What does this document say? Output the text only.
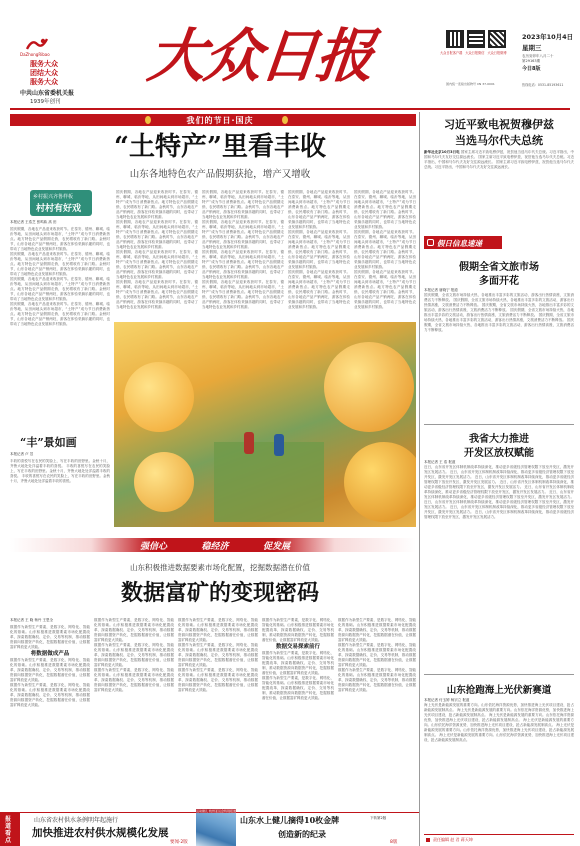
DaZhongRibao
服务大众
团结大众
服务大众
中共山东省委机关报
1939年创刊
大众日报	大众日报客户端 大众日报微信 大众日报微博
2023年10月4日
星期三
农历癸卯年八月二十
第29163期
今日8版
国内统一连续出版物号 CN 37-0001	热线电话：0531-85193611
我们的节日·国庆
“土特产”里看丰收
山东各地特色农产品假期获抢，增产又增收
乡村振兴齐鲁样板
村村有好戏
本报记者 王浩芝 张鸣纨 高 田
国庆假期，各地农产品迎来收获时节。在泰安、德州、聊城、临沂等地，从田间地头到市场超市，“土特产”成为节日消费新热点。地方特色农产品假期走俏，农民增收有了新门路。金秋时节，山东各地农产品产销两旺，游客在体验采摘乐趣的同时，也带动了当地特色农业发展和乡村旅游。
国庆假期，各地农产品迎来收获时节。在泰安、德州、聊城、临沂等地，从田间地头到市场超市，“土特产”成为节日消费新热点。地方特色农产品假期走俏，农民增收有了新门路。金秋时节，山东各地农产品产销两旺，游客在体验采摘乐趣的同时，也带动了当地特色农业发展和乡村旅游。
国庆假期，各地农产品迎来收获时节。在泰安、德州、聊城、临沂等地，从田间地头到市场超市，“土特产”成为节日消费新热点。地方特色农产品假期走俏，农民增收有了新门路。金秋时节，山东各地农产品产销两旺，游客在体验采摘乐趣的同时，也带动了当地特色农业发展和乡村旅游。
国庆假期，各地农产品迎来收获时节。在泰安、德州、聊城、临沂等地，从田间地头到市场超市，“土特产”成为节日消费新热点。地方特色农产品假期走俏，农民增收有了新门路。金秋时节，山东各地农产品产销两旺，游客在体验采摘乐趣的同时，也带动了当地特色农业发展和乡村旅游。
国庆假期，各地农产品迎来收获时节。在泰安、德州、聊城、临沂等地，从田间地头到市场超市，“土特产”成为节日消费新热点。地方特色农产品假期走俏，农民增收有了新门路。金秋时节，山东各地农产品产销两旺，游客在体验采摘乐趣的同时，也带动了当地特色农业发展和乡村旅游。
国庆假期，各地农产品迎来收获时节。在泰安、德州、聊城、临沂等地，从田间地头到市场超市，“土特产”成为节日消费新热点。地方特色农产品假期走俏，农民增收有了新门路。金秋时节，山东各地农产品产销两旺，游客在体验采摘乐趣的同时，也带动了当地特色农业发展和乡村旅游。
国庆假期，各地农产品迎来收获时节。在泰安、德州、聊城、临沂等地，从田间地头到市场超市，“土特产”成为节日消费新热点。地方特色农产品假期走俏，农民增收有了新门路。金秋时节，山东各地农产品产销两旺，游客在体验采摘乐趣的同时，也带动了当地特色农业发展和乡村旅游。
国庆假期，各地农产品迎来收获时节。在泰安、德州、聊城、临沂等地，从田间地头到市场超市，“土特产”成为节日消费新热点。地方特色农产品假期走俏，农民增收有了新门路。金秋时节，山东各地农产品产销两旺，游客在体验采摘乐趣的同时，也带动了当地特色农业发展和乡村旅游。
国庆假期，各地农产品迎来收获时节。在泰安、德州、聊城、临沂等地，从田间地头到市场超市，“土特产”成为节日消费新热点。地方特色农产品假期走俏，农民增收有了新门路。金秋时节，山东各地农产品产销两旺，游客在体验采摘乐趣的同时，也带动了当地特色农业发展和乡村旅游。
国庆假期，各地农产品迎来收获时节。在泰安、德州、聊城、临沂等地，从田间地头到市场超市，“土特产”成为节日消费新热点。地方特色农产品假期走俏，农民增收有了新门路。金秋时节，山东各地农产品产销两旺，游客在体验采摘乐趣的同时，也带动了当地特色农业发展和乡村旅游。
国庆假期，各地农产品迎来收获时节。在泰安、德州、聊城、临沂等地，从田间地头到市场超市，“土特产”成为节日消费新热点。地方特色农产品假期走俏，农民增收有了新门路。金秋时节，山东各地农产品产销两旺，游客在体验采摘乐趣的同时，也带动了当地特色农业发展和乡村旅游。
国庆假期，各地农产品迎来收获时节。在泰安、德州、聊城、临沂等地，从田间地头到市场超市，“土特产”成为节日消费新热点。地方特色农产品假期走俏，农民增收有了新门路。金秋时节，山东各地农产品产销两旺，游客在体验采摘乐趣的同时，也带动了当地特色农业发展和乡村旅游。
国庆假期，各地农产品迎来收获时节。在泰安、德州、聊城、临沂等地，从田间地头到市场超市，“土特产”成为节日消费新热点。地方特色农产品假期走俏，农民增收有了新门路。金秋时节，山东各地农产品产销两旺，游客在体验采摘乐趣的同时，也带动了当地特色农业发展和乡村旅游。
国庆假期，各地农产品迎来收获时节。在泰安、德州、聊城、临沂等地，从田间地头到市场超市，“土特产”成为节日消费新热点。地方特色农产品假期走俏，农民增收有了新门路。金秋时节，山东各地农产品产销两旺，游客在体验采摘乐趣的同时，也带动了当地特色农业发展和乡村旅游。
国庆假期，各地农产品迎来收获时节。在泰安、德州、聊城、临沂等地，从田间地头到市场超市，“土特产”成为节日消费新热点。地方特色农产品假期走俏，农民增收有了新门路。金秋时节，山东各地农产品产销两旺，游客在体验采摘乐趣的同时，也带动了当地特色农业发展和乡村旅游。
国庆假期，各地农产品迎来收获时节。在泰安、德州、聊城、临沂等地，从田间地头到市场超市，“土特产”成为节日消费新热点。地方特色农产品假期走俏，农民增收有了新门路。金秋时节，山东各地农产品产销两旺，游客在体验采摘乐趣的同时，也带动了当地特色农业发展和乡村旅游。
国庆假期，各地农产品迎来收获时节。在泰安、德州、聊城、临沂等地，从田间地头到市场超市，“土特产”成为节日消费新热点。地方特色农产品假期走俏，农民增收有了新门路。金秋时节，山东各地农产品产销两旺，游客在体验采摘乐趣的同时，也带动了当地特色农业发展和乡村旅游。
国庆假期，各地农产品迎来收获时节。在泰安、德州、聊城、临沂等地，从田间地头到市场超市，“土特产”成为节日消费新热点。地方特色农产品假期走俏，农民增收有了新门路。金秋时节，山东各地农产品产销两旺，游客在体验采摘乐趣的同时，也带动了当地特色农业发展和乡村旅游。
“丰”景如画
本报记者 卢 昱
丰收的喜悦写在农民的笑脸上，写在丰收的田野里。金秋十月，齐鲁大地处处洋溢着丰收的喜悦。 丰收的喜悦写在农民的笑脸上，写在丰收的田野里。金秋十月，齐鲁大地处处洋溢着丰收的喜悦。 丰收的喜悦写在农民的笑脸上，写在丰收的田野里。金秋十月，齐鲁大地处处洋溢着丰收的喜悦。
强信心	稳经济	促发展
山东积极推进数据要素市场化配置，挖掘数据潜在价值
数据富矿的变现密码
本报记者 王 晓 杨丹 王恩全
数据作为新型生产要素，是数字化、网络化、智能化的基础。山东积极推进数据要素市场化配置改革，探索数据确权、定价、交易等机制，推动数据资源向数据资产转化，挖掘数据潜在价值，让数据富矿释放更大效能。
将数据做成产品
数据作为新型生产要素，是数字化、网络化、智能化的基础。山东积极推进数据要素市场化配置改革，探索数据确权、定价、交易等机制，推动数据资源向数据资产转化，挖掘数据潜在价值，让数据富矿释放更大效能。
数据作为新型生产要素，是数字化、网络化、智能化的基础。山东积极推进数据要素市场化配置改革，探索数据确权、定价、交易等机制，推动数据资源向数据资产转化，挖掘数据潜在价值，让数据富矿释放更大效能。
数据作为新型生产要素，是数字化、网络化、智能化的基础。山东积极推进数据要素市场化配置改革，探索数据确权、定价、交易等机制，推动数据资源向数据资产转化，挖掘数据潜在价值，让数据富矿释放更大效能。
数据作为新型生产要素，是数字化、网络化、智能化的基础。山东积极推进数据要素市场化配置改革，探索数据确权、定价、交易等机制，推动数据资源向数据资产转化，挖掘数据潜在价值，让数据富矿释放更大效能。
数据作为新型生产要素，是数字化、网络化、智能化的基础。山东积极推进数据要素市场化配置改革，探索数据确权、定价、交易等机制，推动数据资源向数据资产转化，挖掘数据潜在价值，让数据富矿释放更大效能。
数据作为新型生产要素，是数字化、网络化、智能化的基础。山东积极推进数据要素市场化配置改革，探索数据确权、定价、交易等机制，推动数据资源向数据资产转化，挖掘数据潜在价值，让数据富矿释放更大效能。
数据作为新型生产要素，是数字化、网络化、智能化的基础。山东积极推进数据要素市场化配置改革，探索数据确权、定价、交易等机制，推动数据资源向数据资产转化，挖掘数据潜在价值，让数据富矿释放更大效能。
数据作为新型生产要素，是数字化、网络化、智能化的基础。山东积极推进数据要素市场化配置改革，探索数据确权、定价、交易等机制，推动数据资源向数据资产转化，挖掘数据潜在价值，让数据富矿释放更大效能。
数据作为新型生产要素，是数字化、网络化、智能化的基础。山东积极推进数据要素市场化配置改革，探索数据确权、定价、交易等机制，推动数据资源向数据资产转化，挖掘数据潜在价值，让数据富矿释放更大效能。
数据交易探索前行
数据作为新型生产要素，是数字化、网络化、智能化的基础。山东积极推进数据要素市场化配置改革，探索数据确权、定价、交易等机制，推动数据资源向数据资产转化，挖掘数据潜在价值，让数据富矿释放更大效能。
数据作为新型生产要素，是数字化、网络化、智能化的基础。山东积极推进数据要素市场化配置改革，探索数据确权、定价、交易等机制，推动数据资源向数据资产转化，挖掘数据潜在价值，让数据富矿释放更大效能。
数据作为新型生产要素，是数字化、网络化、智能化的基础。山东积极推进数据要素市场化配置改革，探索数据确权、定价、交易等机制，推动数据资源向数据资产转化，挖掘数据潜在价值，让数据富矿释放更大效能。
数据作为新型生产要素，是数字化、网络化、智能化的基础。山东积极推进数据要素市场化配置改革，探索数据确权、定价、交易等机制，推动数据资源向数据资产转化，挖掘数据潜在价值，让数据富矿释放更大效能。
数据作为新型生产要素，是数字化、网络化、智能化的基础。山东积极推进数据要素市场化配置改革，探索数据确权、定价、交易等机制，推动数据资源向数据资产转化，挖掘数据潜在价值，让数据富矿释放更大效能。
下转第2版
报道看点
山东省农村供水条例明年起施行
加快推进农村供水规模化发展
要闻·2版
运动健儿 杭州亚运会特别报道
山东水上健儿摘得10枚金牌
创造新的纪录
8版
习近平致电祝贺穆伊兹
当选马尔代夫总统
新华社北京10月3日电 国家主席习近平致电穆伊兹，祝贺他当选马尔代夫总统。习近平指出，中国和马尔代夫友好交往源远流长。 国家主席习近平致电穆伊兹，祝贺他当选马尔代夫总统。习近平指出，中国和马尔代夫友好交往源远流长。 国家主席习近平致电穆伊兹，祝贺他当选马尔代夫总统。习近平指出，中国和马尔代夫友好交往源远流长。
假日信息速递
假期全省文旅市场
多面开花
本报记者 唐晓宁 报道
国庆假期，全省文旅市场持续火热，各地推出丰富多彩的文旅活动，游客出行热情高涨，文旅消费活力不断释放。 国庆假期，全省文旅市场持续火热，各地推出丰富多彩的文旅活动，游客出行热情高涨，文旅消费活力不断释放。 国庆假期，全省文旅市场持续火热，各地推出丰富多彩的文旅活动，游客出行热情高涨，文旅消费活力不断释放。 国庆假期，全省文旅市场持续火热，各地推出丰富多彩的文旅活动，游客出行热情高涨，文旅消费活力不断释放。 国庆假期，全省文旅市场持续火热，各地推出丰富多彩的文旅活动，游客出行热情高涨，文旅消费活力不断释放。 国庆假期，全省文旅市场持续火热，各地推出丰富多彩的文旅活动，游客出行热情高涨，文旅消费活力不断释放。
我省大力推进
开发区放权赋能
本报记者 王 浩 报道
近日，山东省开发区体制机制改革持续深化，推动更多省级经济管理权限下放至开发区，激发开发区发展活力。 近日，山东省开发区体制机制改革持续深化，推动更多省级经济管理权限下放至开发区，激发开发区发展活力。 近日，山东省开发区体制机制改革持续深化，推动更多省级经济管理权限下放至开发区，激发开发区发展活力。 近日，山东省开发区体制机制改革持续深化，推动更多省级经济管理权限下放至开发区，激发开发区发展活力。 近日，山东省开发区体制机制改革持续深化，推动更多省级经济管理权限下放至开发区，激发开发区发展活力。 近日，山东省开发区体制机制改革持续深化，推动更多省级经济管理权限下放至开发区，激发开发区发展活力。 近日，山东省开发区体制机制改革持续深化，推动更多省级经济管理权限下放至开发区，激发开发区发展活力。 近日，山东省开发区体制机制改革持续深化，推动更多省级经济管理权限下放至开发区，激发开发区发展活力。 近日，山东省开发区体制机制改革持续深化，推动更多省级经济管理权限下放至开发区，激发开发区发展活力。
山东抢跑海上光伏新赛道
本报记者 付玉婷 杨宗立 报道
海上光伏是新能源发展的重要方向。山东依托海洋资源优势，加快推进海上光伏项目建设，抢占新能源发展制高点。 海上光伏是新能源发展的重要方向。山东依托海洋资源优势，加快推进海上光伏项目建设，抢占新能源发展制高点。 海上光伏是新能源发展的重要方向。山东依托海洋资源优势，加快推进海上光伏项目建设，抢占新能源发展制高点。 海上光伏是新能源发展的重要方向。山东依托海洋资源优势，加快推进海上光伏项目建设，抢占新能源发展制高点。 海上光伏是新能源发展的重要方向。山东依托海洋资源优势，加快推进海上光伏项目建设，抢占新能源发展制高点。 海上光伏是新能源发展的重要方向。山东依托海洋资源优势，加快推进海上光伏项目建设，抢占新能源发展制高点。
责任编辑 赵 君 蒋天坤
